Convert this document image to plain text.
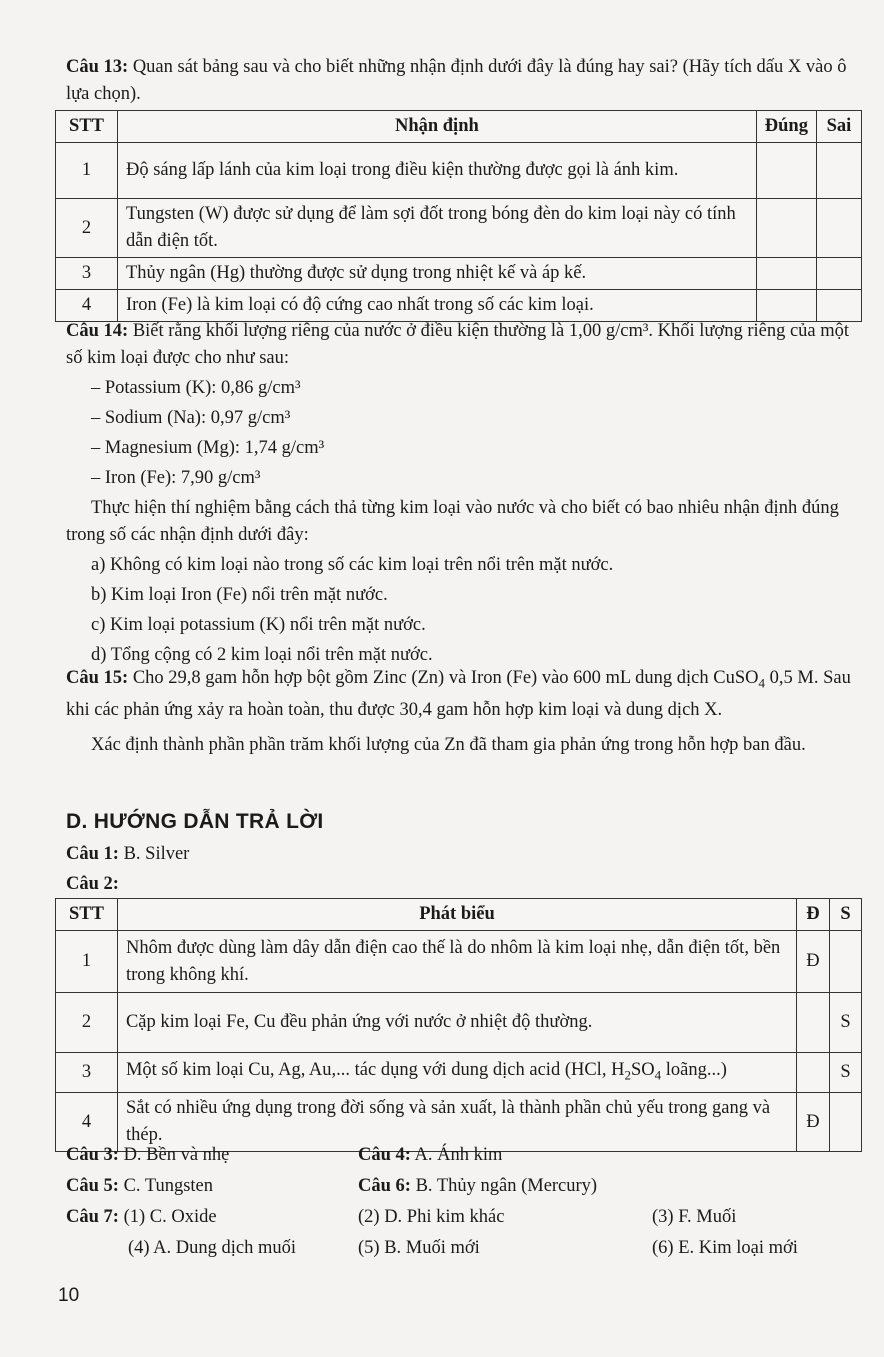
Câu 13: Quan sát bảng sau và cho biết những nhận định dưới đây là đúng hay sai? (Hãy tích dấu X vào ô lựa chọn).
STT	Nhận định	Đúng	Sai
1	Độ sáng lấp lánh của kim loại trong điều kiện thường được gọi là ánh kim.		
2	Tungsten (W) được sử dụng để làm sợi đốt trong bóng đèn do kim loại này có tính dẫn điện tốt.		
3	Thủy ngân (Hg) thường được sử dụng trong nhiệt kế và áp kế.		
4	Iron (Fe) là kim loại có độ cứng cao nhất trong số các kim loại.		
Câu 14: Biết rằng khối lượng riêng của nước ở điều kiện thường là 1,00 g/cm³. Khối lượng riêng của một số kim loại được cho như sau:
– Potassium (K): 0,86 g/cm³
– Sodium (Na): 0,97 g/cm³
– Magnesium (Mg): 1,74 g/cm³
– Iron (Fe): 7,90 g/cm³
Thực hiện thí nghiệm bằng cách thả từng kim loại vào nước và cho biết có bao nhiêu nhận định đúng trong số các nhận định dưới đây:
a) Không có kim loại nào trong số các kim loại trên nổi trên mặt nước.
b) Kim loại Iron (Fe) nổi trên mặt nước.
c) Kim loại potassium (K) nổi trên mặt nước.
d) Tổng cộng có 2 kim loại nổi trên mặt nước.
Câu 15: Cho 29,8 gam hỗn hợp bột gồm Zinc (Zn) và Iron (Fe) vào 600 mL dung dịch CuSO$_4$ 0,5 M. Sau khi các phản ứng xảy ra hoàn toàn, thu được 30,4 gam hỗn hợp kim loại và dung dịch X.
Xác định thành phần phần trăm khối lượng của Zn đã tham gia phản ứng trong hỗn hợp ban đầu.
D. HƯỚNG DẪN TRẢ LỜI
Câu 1: B. Silver
Câu 2:
STT	Phát biểu	Đ	S
1	Nhôm được dùng làm dây dẫn điện cao thế là do nhôm là kim loại nhẹ, dẫn điện tốt, bền trong không khí.	Đ	
2	Cặp kim loại Fe, Cu đều phản ứng với nước ở nhiệt độ thường.		S
3	Một số kim loại Cu, Ag, Au,... tác dụng với dung dịch acid (HCl, $H_2SO_4$ loãng...)		S
4	Sắt có nhiều ứng dụng trong đời sống và sản xuất, là thành phần chủ yếu trong gang và thép.	Đ	
Câu 3: D. Bền và nhẹ	Câu 4: A. Ánh kim
Câu 5: C. Tungsten	Câu 6: B. Thủy ngân (Mercury)
Câu 7: (1) C. Oxide	(2) D. Phi kim khác	(3) F. Muối
(4) A. Dung dịch muối	(5) B. Muối mới	(6) E. Kim loại mới
10
